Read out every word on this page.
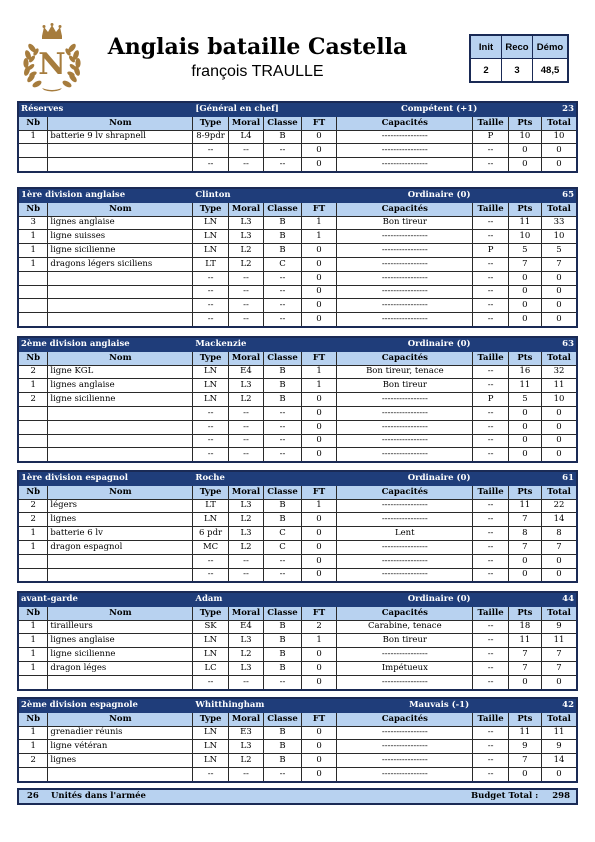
N Anglais bataille Castella
françois TRAULLE
Init	Reco	Démo
2	3	48,5
Réserves		[Général en chef]				Compétent (+1)			23
Nb	Nom	Type	Moral	Classe	FT	Capacités	Taille	Pts	Total
1	batterie 9 lv shrapnell	8-9pdr	L4	B	0	----------------	P	10	10
		--	--	--	0	----------------	--	0	0
		--	--	--	0	----------------	--	0	0
1ère division anglaise		Clinton				Ordinaire (0)			65
Nb	Nom	Type	Moral	Classe	FT	Capacités	Taille	Pts	Total
3	lignes anglaise	LN	L3	B	1	Bon tireur	--	11	33
1	ligne suisses	LN	L3	B	1	----------------	--	10	10
1	ligne sicilienne	LN	L2	B	0	----------------	P	5	5
1	dragons légers siciliens	LT	L2	C	0	----------------	--	7	7
		--	--	--	0	----------------	--	0	0
		--	--	--	0	----------------	--	0	0
		--	--	--	0	----------------	--	0	0
		--	--	--	0	----------------	--	0	0
2ème division anglaise		Mackenzie				Ordinaire (0)			63
Nb	Nom	Type	Moral	Classe	FT	Capacités	Taille	Pts	Total
2	ligne KGL	LN	E4	B	1	Bon tireur, tenace	--	16	32
1	lignes anglaise	LN	L3	B	1	Bon tireur	--	11	11
2	ligne sicilienne	LN	L2	B	0	----------------	P	5	10
		--	--	--	0	----------------	--	0	0
		--	--	--	0	----------------	--	0	0
		--	--	--	0	----------------	--	0	0
		--	--	--	0	----------------	--	0	0
1ère division espagnol		Roche				Ordinaire (0)			61
Nb	Nom	Type	Moral	Classe	FT	Capacités	Taille	Pts	Total
2	légers	LT	L3	B	1	----------------	--	11	22
2	lignes	LN	L2	B	0	----------------	--	7	14
1	batterie 6 lv	6 pdr	L3	C	0	Lent	--	8	8
1	dragon espagnol	MC	L2	C	0	----------------	--	7	7
		--	--	--	0	----------------	--	0	0
		--	--	--	0	----------------	--	0	0
avant-garde		Adam				Ordinaire (0)			44
Nb	Nom	Type	Moral	Classe	FT	Capacités	Taille	Pts	Total
1	tirailleurs	SK	E4	B	2	Carabine, tenace	--	18	9
1	lignes anglaise	LN	L3	B	1	Bon tireur	--	11	11
1	ligne sicilienne	LN	L2	B	0	----------------	--	7	7
1	dragon léges	LC	L3	B	0	Impétueux	--	7	7
		--	--	--	0	----------------	--	0	0
2ème division espagnole		Whitthingham				Mauvais (-1)			42
Nb	Nom	Type	Moral	Classe	FT	Capacités	Taille	Pts	Total
1	grenadier réunis	LN	E3	B	0	----------------	--	11	11
1	ligne vétéran	LN	L3	B	0	----------------	--	9	9
2	lignes	LN	L2	B	0	----------------	--	7	14
		--	--	--	0	----------------	--	0	0
26 Unités dans l'armée	Budget Total : 298
